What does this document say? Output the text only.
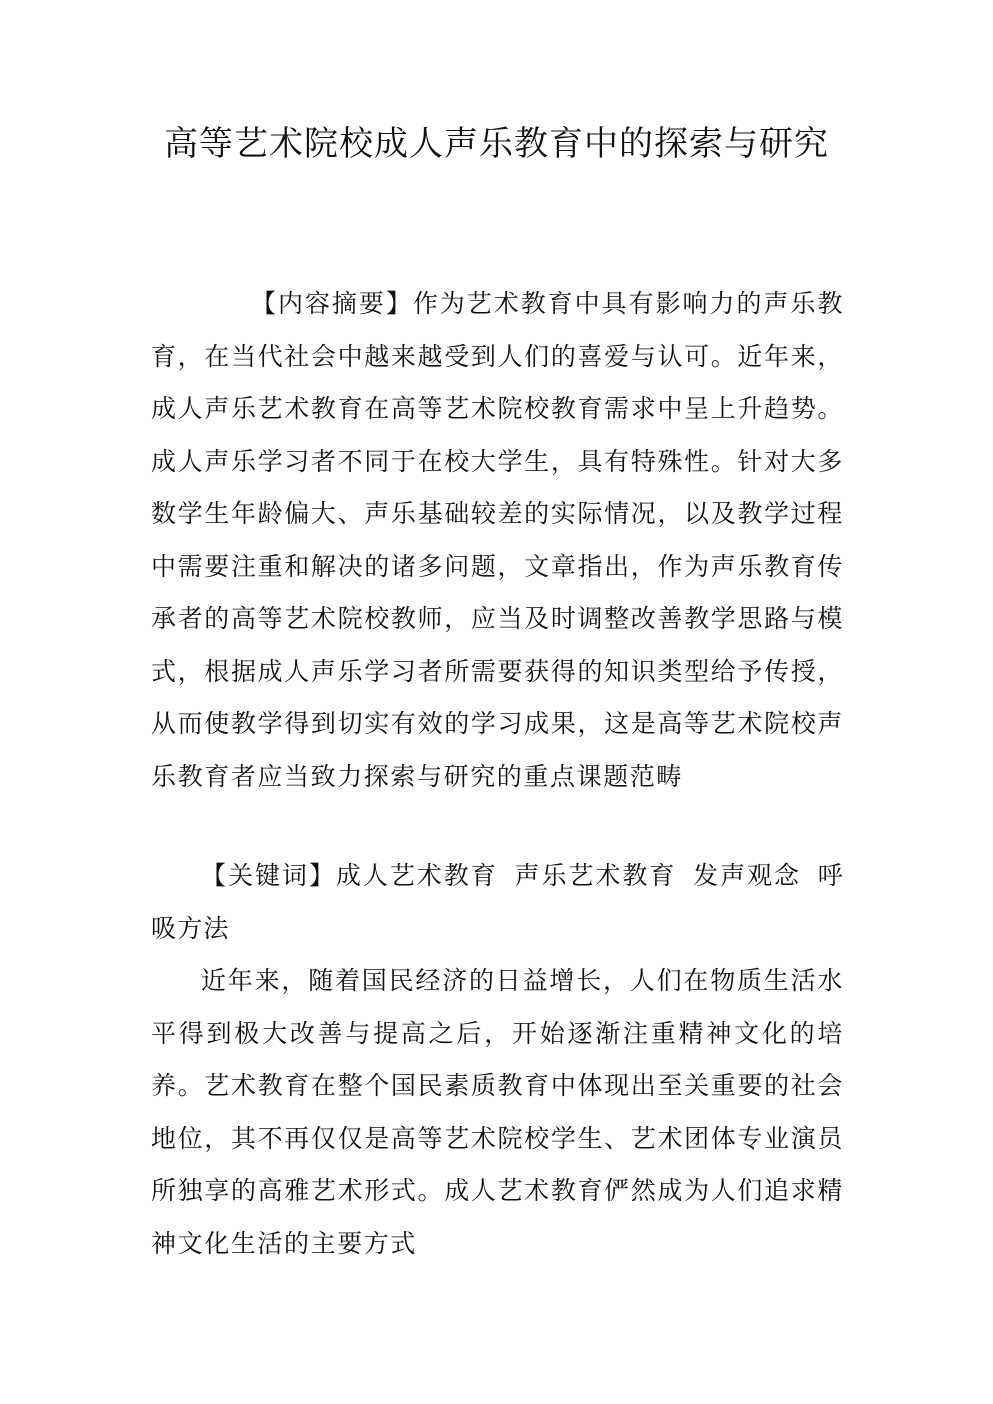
高等艺术院校成人声乐教育中的探索与研究

【内容摘要】作为艺术教育中具有影响力的声乐教育，在当代社会中越来越受到人们的喜爱与认可。近年来，成人声乐艺术教育在高等艺术院校教育需求中呈上升趋势。成人声乐学习者不同于在校大学生，具有特殊性。针对大多数学生年龄偏大、声乐基础较差的实际情况，以及教学过程中需要注重和解决的诸多问题，文章指出，作为声乐教育传承者的高等艺术院校教师，应当及时调整改善教学思路与模式，根据成人声乐学习者所需要获得的知识类型给予传授，从而使教学得到切实有效的学习成果，这是高等艺术院校声乐教育者应当致力探索与研究的重点课题范畴

【关键词】成人艺术教育 声乐艺术教育 发声观念 呼吸方法

近年来，随着国民经济的日益增长，人们在物质生活水平得到极大改善与提高之后，开始逐渐注重精神文化的培养。艺术教育在整个国民素质教育中体现出至关重要的社会地位，其不再仅仅是高等艺术院校学生、艺术团体专业演员所独享的高雅艺术形式。成人艺术教育俨然成为人们追求精神文化生活的主要方式
